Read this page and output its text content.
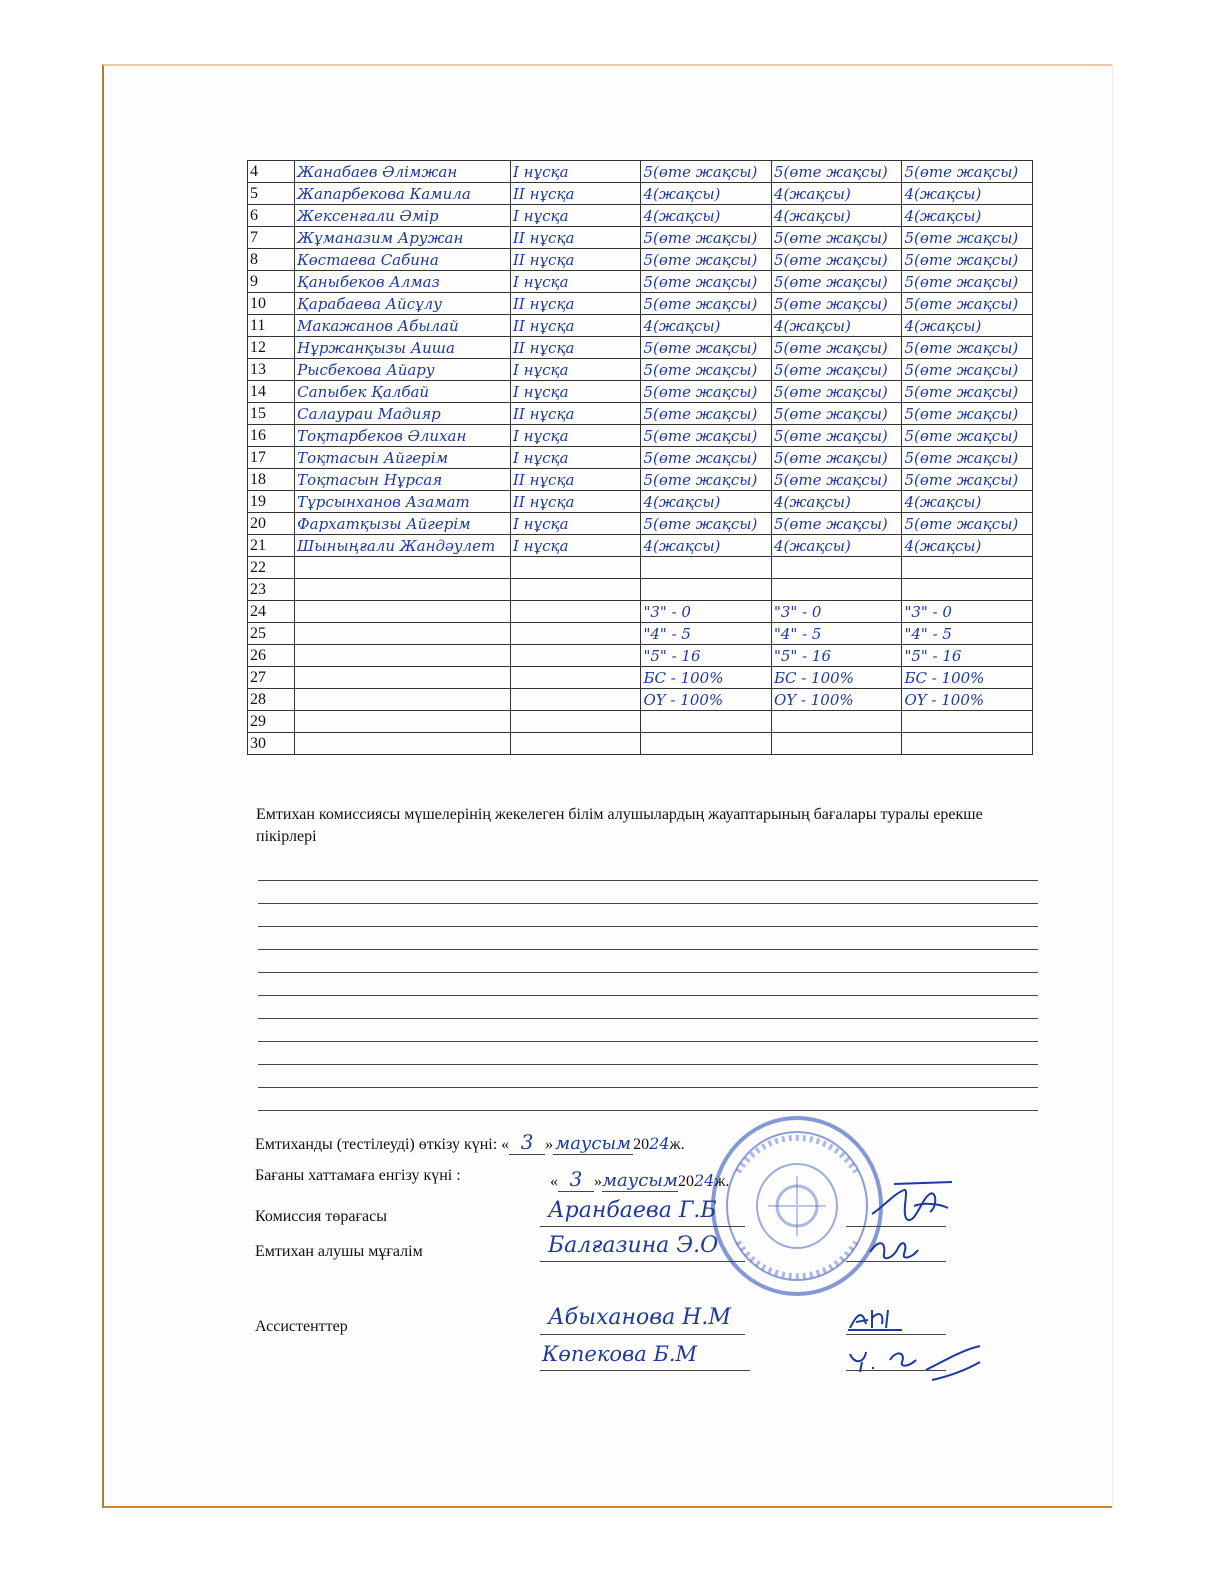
4	Жанабаев Әлімжан	I нұсқа	5(өте жақсы)	5(өте жақсы)	5(өте жақсы)
5	Жапарбекова Камила	II нұсқа	4(жақсы)	4(жақсы)	4(жақсы)
6	Жексенғали Әмір	I нұсқа	4(жақсы)	4(жақсы)	4(жақсы)
7	Жұманазим Аружан	II нұсқа	5(өте жақсы)	5(өте жақсы)	5(өте жақсы)
8	Көстаева Сабина	II нұсқа	5(өте жақсы)	5(өте жақсы)	5(өте жақсы)
9	Қаныбеков Алмаз	I нұсқа	5(өте жақсы)	5(өте жақсы)	5(өте жақсы)
10	Қарабаева Айсұлу	II нұсқа	5(өте жақсы)	5(өте жақсы)	5(өте жақсы)
11	Макажанов Абылай	II нұсқа	4(жақсы)	4(жақсы)	4(жақсы)
12	Нұржанқызы Аиша	II нұсқа	5(өте жақсы)	5(өте жақсы)	5(өте жақсы)
13	Рысбекова Айару	I нұсқа	5(өте жақсы)	5(өте жақсы)	5(өте жақсы)
14	Сапыбек Қалбай	I нұсқа	5(өте жақсы)	5(өте жақсы)	5(өте жақсы)
15	Салаураи Мадияр	II нұсқа	5(өте жақсы)	5(өте жақсы)	5(өте жақсы)
16	Тоқтарбеков Әлихан	I нұсқа	5(өте жақсы)	5(өте жақсы)	5(өте жақсы)
17	Тоқтасын Айгерім	I нұсқа	5(өте жақсы)	5(өте жақсы)	5(өте жақсы)
18	Тоқтасын Нұрсая	II нұсқа	5(өте жақсы)	5(өте жақсы)	5(өте жақсы)
19	Тұрсынханов Азамат	II нұсқа	4(жақсы)	4(жақсы)	4(жақсы)
20	Фархатқызы Айгерім	I нұсқа	5(өте жақсы)	5(өте жақсы)	5(өте жақсы)
21	Шыныңғали Жандәулет	I нұсқа	4(жақсы)	4(жақсы)	4(жақсы)
22					
23					
24			"3" - 0	"3" - 0	"3" - 0
25			"4" - 5	"4" - 5	"4" - 5
26			"5" - 16	"5" - 16	"5" - 16
27			БС - 100%	БС - 100%	БС - 100%
28			ОҮ - 100%	ОҮ - 100%	ОҮ - 100%
29					
30					
Емтихан комиссиясы мүшелерінің жекелеген білім алушылардың жауаптарының бағалары туралы ерекше пікірлері
Емтиханды (тестілеуді) өткізу күні: « 3 » маусым 2024ж.
Бағаны хаттамаға енгізу күні :	« 3 »маусым2024ж.
Комиссия төрағасы	Аранбаева Г.Б
Емтихан алушы мұғалім	Балғазина Э.О
Ассистенттер	Абыханова Н.М
Көпекова Б.М
